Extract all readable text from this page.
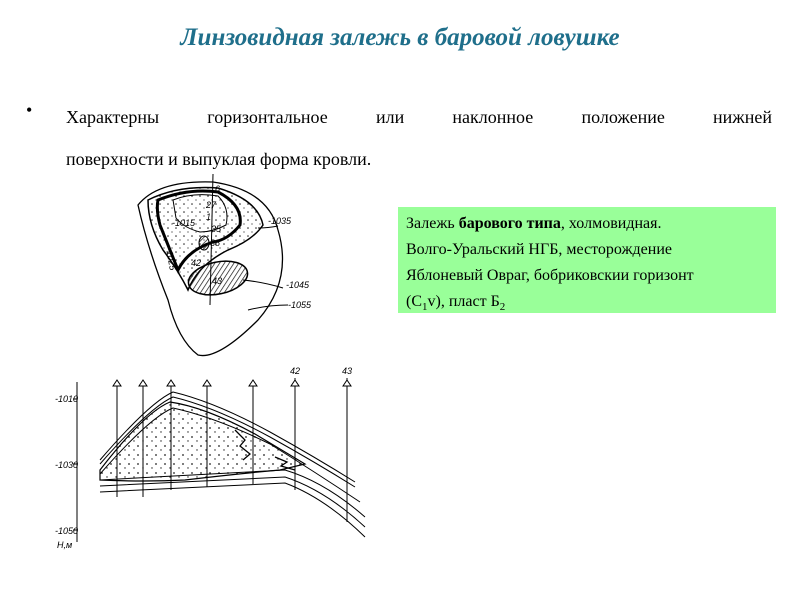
Линзовидная залежь в баровой ловушке
• Характерны горизонтальное или наклонное положение нижней
поверхности и выпуклая форма кровли.
6
27
1
35
38
42
43
-1035
-1045
-1055
-1015
-1025
-1010
-1030
-1050
H,м
42	43
Залежь барового типа, холмовидная.
Волго-Уральский НГБ, месторождение
Яблоневый Овраг, бобриковскии горизонт
$(C_1v)$, пласт $Б_2$
